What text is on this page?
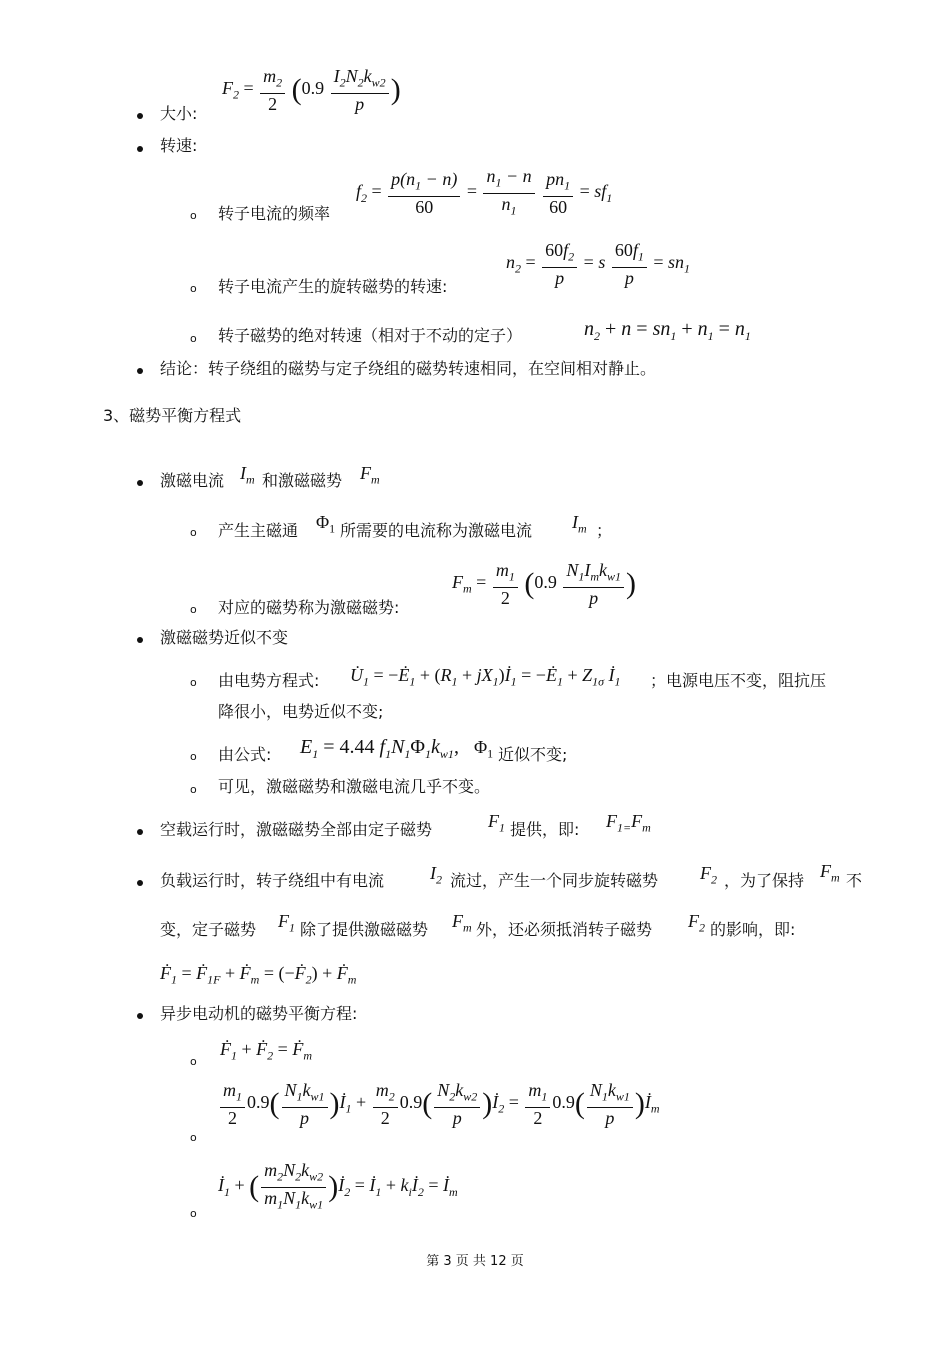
大小:
$F_2 = \frac{m_2}{2} (0.9 \frac{I_2N_2k_{w2}}{p}$ )
转速:
o 转子电流的频率
$f_2 = \frac{p(n_1 - n)}{60} = \frac{n_1 - n}{n_1}$
$\frac{pn_1}{60} = sf_1$
o 转子电流产生的旋转磁势的转速:
$n_2 = \frac{60f_2}{p} = s \frac{60f_1}{p} = sn_1$
o 转子磁势的绝对转速（相对于不动的定子）	$n_2 + n = sn_1 + n_1 = n_1$
结论：转子绕组的磁势与定子绕组的磁势转速相同，在空间相对静止。
3、磁势平衡方程式
激磁电流 $I_m$ 和激磁磁势 $F_m$
o 产生主磁通 $\Phi_1$ 所需要的电流称为激磁电流 $I_m$ ；
o 对应的磁势称为激磁磁势:
$F_m = \frac{m_1}{2} (0.9 \frac{N_1I_mk_{w1}}{p}$ )
激磁磁势近似不变
o 由电势方程式: $U̇_1$ = $-Ė_1 + (R_1$ + $jX_1)İ_1$ = $-Ė_1 + Z_{1\sigma}$ $İ_1$ ；电源电压不变，阻抗压
降很小，电势近似不变;
o 由公式: $E_1 = 4.44$ $f_1N_1\Phi_1k_{w1}$, $\Phi_1$ 近似不变;
o 可见，激磁磁势和激磁电流几乎不变。
空载运行时，激磁磁势全部由定子磁势	$F_1$ 提供，即: $F_{1=}F_m$
负载运行时，转子绕组中有电流	$I_2$ 流过，产生一个同步旋转磁势 $F_2$ ，为了保持 $F_m$ 不
变，定子磁势 $F_1$ 除了提供激磁磁势 $F_m$ 外，还必须抵消转子磁势 $F_2$ 的影响，即:
Ḟ$_1$ = Ḟ$_{1F}$ + Ḟ$_m$ = (−Ḟ$_2$) + Ḟ$_m$
异步电动机的磁势平衡方程:
o
Ḟ$_1$ + Ḟ$_2$ = Ḟ$_m$
o
$\frac{m_1}{2} 0.9( \frac{N_1k_{w1}}{p}$ )$İ_1 + \frac{m_2}{2} 0.9( \frac{N_2k_{w2}}{p}$ )$İ_2 = \frac{m_1}{2} 0.9( \frac{N_1k_{w1}}{p}$ )$İ_m$
o
$İ_1$ + ( $\frac{m_2N_2k_{w2}}{m_1N_1k_{w1}}$ )$İ_2$ = $İ_1$ + $k_iİ_2$ = $İ_m$
第 3 页 共 12 页
